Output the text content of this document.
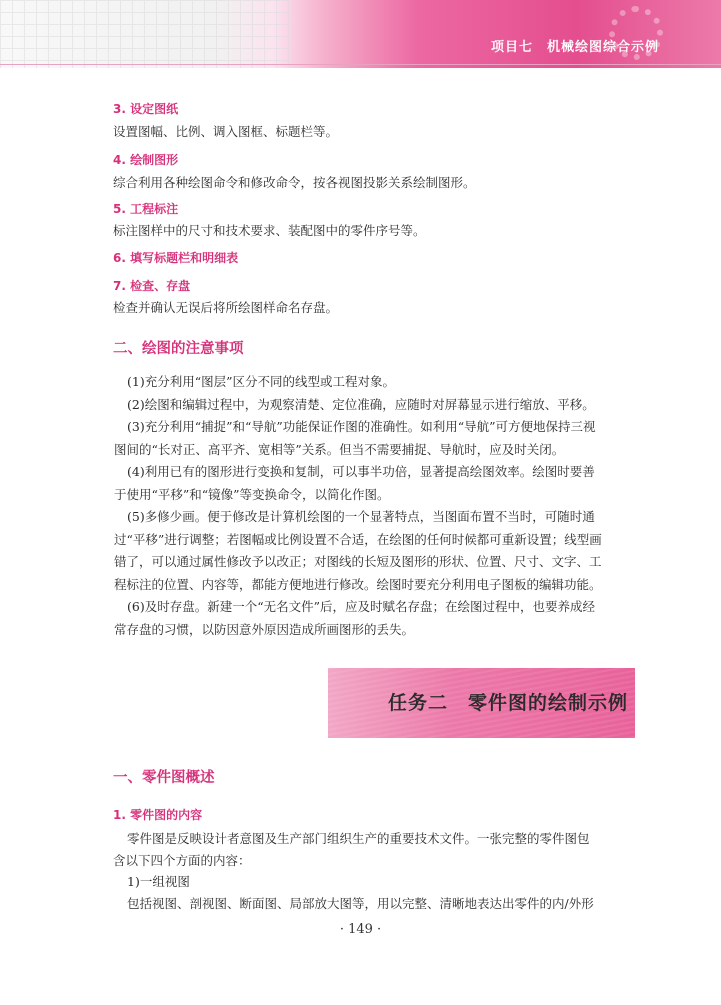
项目七　机械绘图综合示例
3. 设定图纸
设置图幅、比例、调入图框、标题栏等。
4. 绘制图形
综合利用各种绘图命令和修改命令，按各视图投影关系绘制图形。
5. 工程标注
标注图样中的尺寸和技术要求、装配图中的零件序号等。
6. 填写标题栏和明细表
7. 检查、存盘
检查并确认无误后将所绘图样命名存盘。
二、绘图的注意事项

(1)充分利用“图层”区分不同的线型或工程对象。

(2)绘图和编辑过程中，为观察清楚、定位准确，应随时对屏幕显示进行缩放、平移。

(3)充分利用“捕捉”和“导航”功能保证作图的准确性。如利用“导航”可方便地保持三视

图间的“长对正、高平齐、宽相等”关系。但当不需要捕捉、导航时，应及时关闭。

(4)利用已有的图形进行变换和复制，可以事半功倍，显著提高绘图效率。绘图时要善

于使用“平移”和“镜像”等变换命令，以简化作图。

(5)多修少画。便于修改是计算机绘图的一个显著特点，当图面布置不当时，可随时通

过“平移”进行调整；若图幅或比例设置不合适，在绘图的任何时候都可重新设置；线型画

错了，可以通过属性修改予以改正；对图线的长短及图形的形状、位置、尺寸、文字、工

程标注的位置、内容等，都能方便地进行修改。绘图时要充分利用电子图板的编辑功能。

(6)及时存盘。新建一个“无名文件”后，应及时赋名存盘；在绘图过程中，也要养成经

常存盘的习惯，以防因意外原因造成所画图形的丢失。

任务二　零件图的绘制示例
一、零件图概述
1. 零件图的内容
零件图是反映设计者意图及生产部门组织生产的重要技术文件。一张完整的零件图包
含以下四个方面的内容：
1)一组视图
包括视图、剖视图、断面图、局部放大图等，用以完整、清晰地表达出零件的内/外形
· 149 ·
